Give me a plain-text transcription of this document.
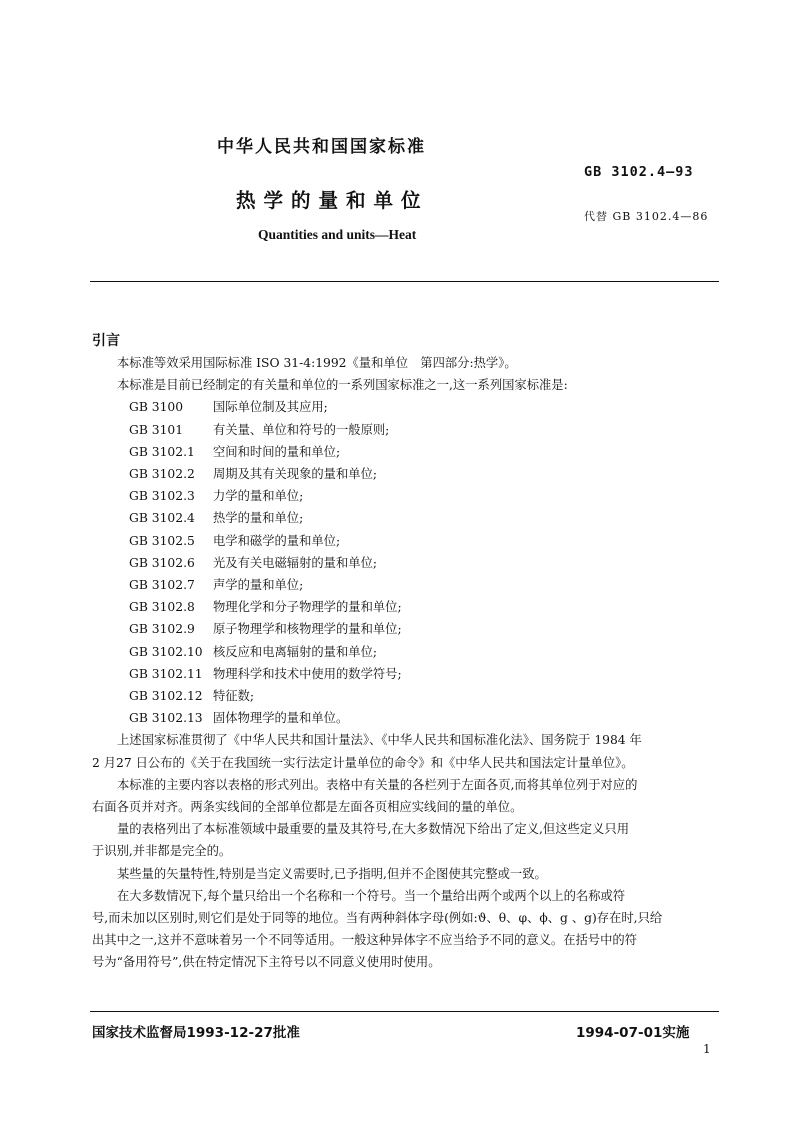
中华人民共和国国家标准
GB 3102.4—93
热学的量和单位
代替 GB 3102.4—86
Quantities and units—Heat
引言

本标准等效采用国际标准 ISO 31-4:1992《量和单位　第四部分:热学》。

本标准是目前已经制定的有关量和单位的一系列国家标准之一,这一系列国家标准是:

GB 3100 国际单位制及其应用;
GB 3101 有关量、单位和符号的一般原则;
GB 3102.1 空间和时间的量和单位;
GB 3102.2 周期及其有关现象的量和单位;
GB 3102.3 力学的量和单位;
GB 3102.4 热学的量和单位;
GB 3102.5 电学和磁学的量和单位;
GB 3102.6 光及有关电磁辐射的量和单位;
GB 3102.7 声学的量和单位;
GB 3102.8 物理化学和分子物理学的量和单位;
GB 3102.9 原子物理学和核物理学的量和单位;
GB 3102.10 核反应和电离辐射的量和单位;
GB 3102.11 物理科学和技术中使用的数学符号;
GB 3102.12 特征数;
GB 3102.13 固体物理学的量和单位。

上述国家标准贯彻了《中华人民共和国计量法》、《中华人民共和国标准化法》、国务院于 1984 年

2 月27 日公布的《关于在我国统一实行法定计量单位的命令》和《中华人民共和国法定计量单位》。

本标准的主要内容以表格的形式列出。表格中有关量的各栏列于左面各页,而将其单位列于对应的

右面各页并对齐。两条实线间的全部单位都是左面各页相应实线间的量的单位。

量的表格列出了本标准领域中最重要的量及其符号,在大多数情况下给出了定义,但这些定义只用

于识别,并非都是完全的。

某些量的矢量特性,特别是当定义需要时,已予指明,但并不企图使其完整或一致。

在大多数情况下,每个量只给出一个名称和一个符号。当一个量给出两个或两个以上的名称或符

号,而未加以区别时,则它们是处于同等的地位。当有两种斜体字母(例如:ϑ、θ、φ、ϕ、g 、g)存在时,只给

出其中之一,这并不意味着另一个不同等适用。一般这种异体字不应当给予不同的意义。在括号中的符

号为“备用符号”,供在特定情况下主符号以不同意义使用时使用。

国家技术监督局1993-12-27批准	1994-07-01实施
1
